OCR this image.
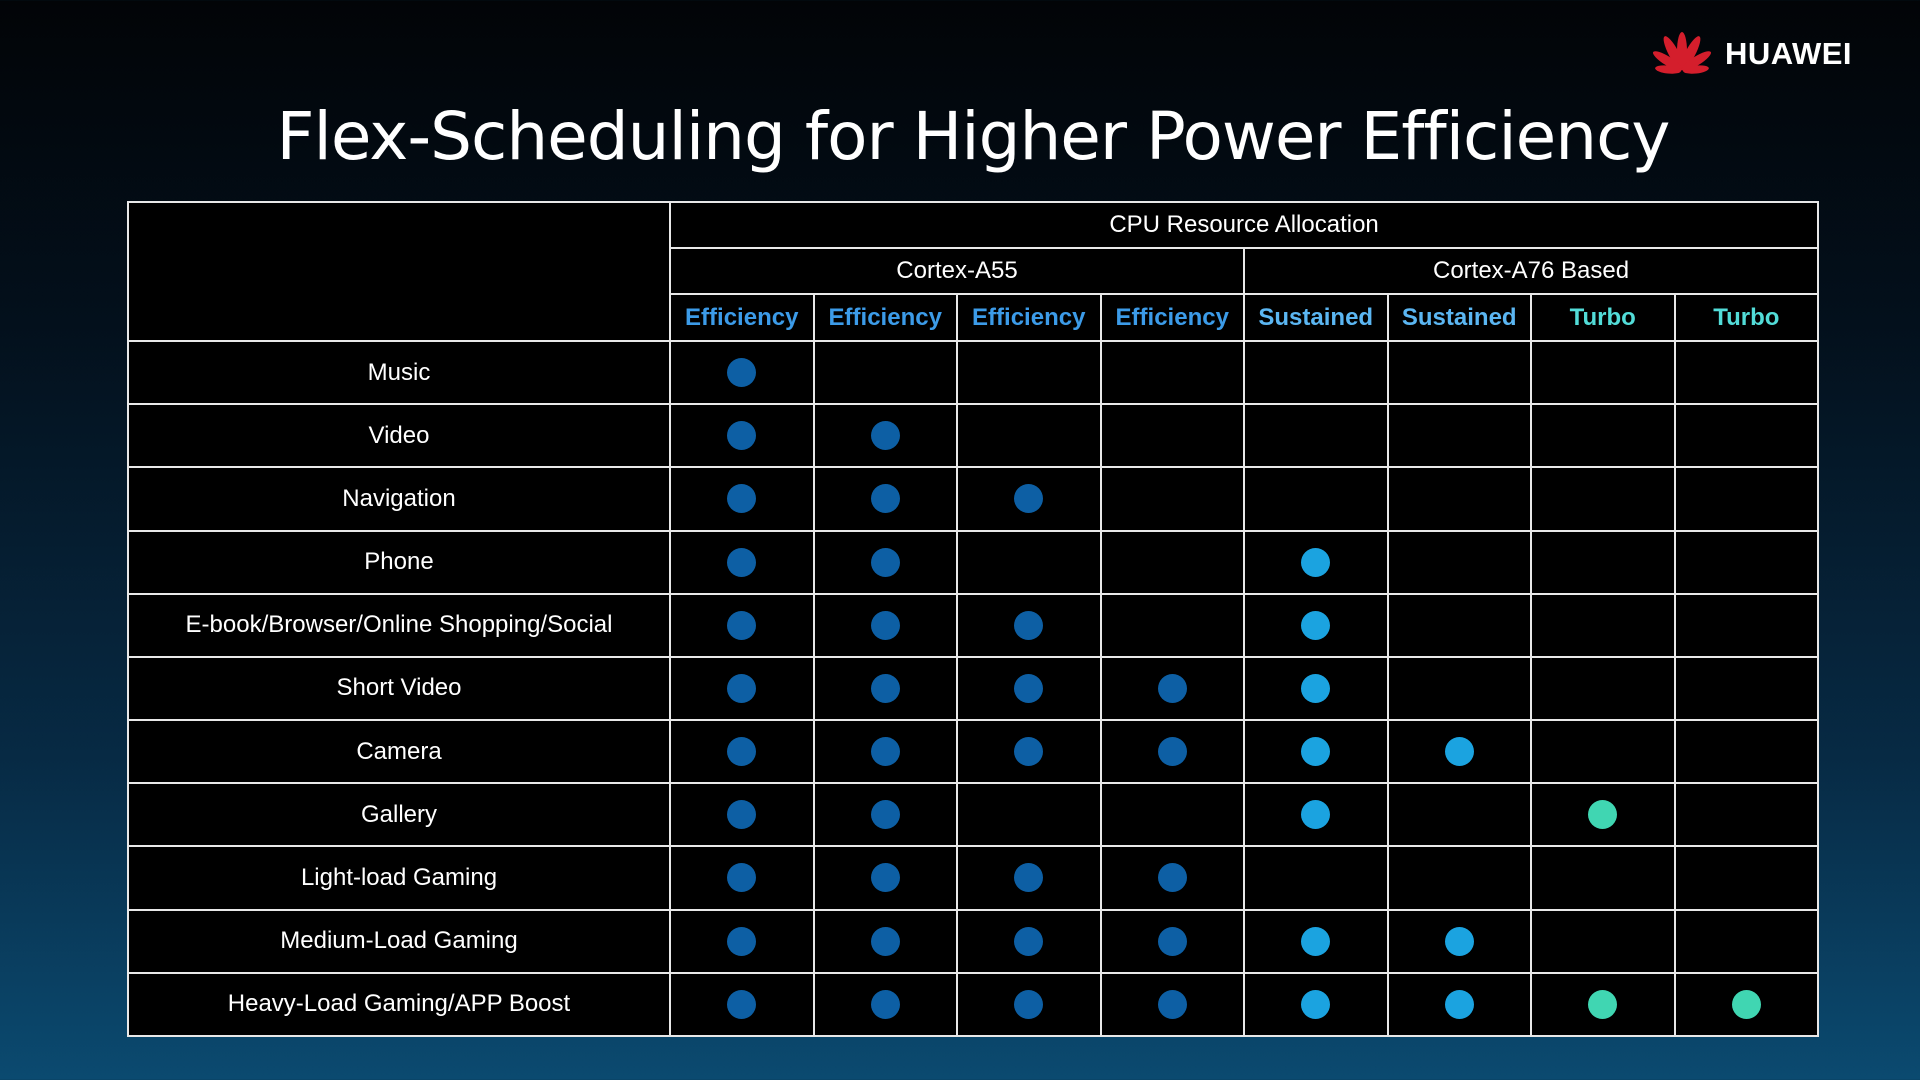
HUAWEI
Flex-Scheduling for Higher Power Efficiency
	CPU Resource Allocation							
	Cortex-A55				Cortex-A76 Based			
	Efficiency	Efficiency	Efficiency	Efficiency	Sustained	Sustained	Turbo	Turbo
Music								
Video								
Navigation								
Phone								
E-book/Browser/Online Shopping/Social								
Short Video								
Camera								
Gallery								
Light-load Gaming								
Medium-Load Gaming								
Heavy-Load Gaming/APP Boost								
